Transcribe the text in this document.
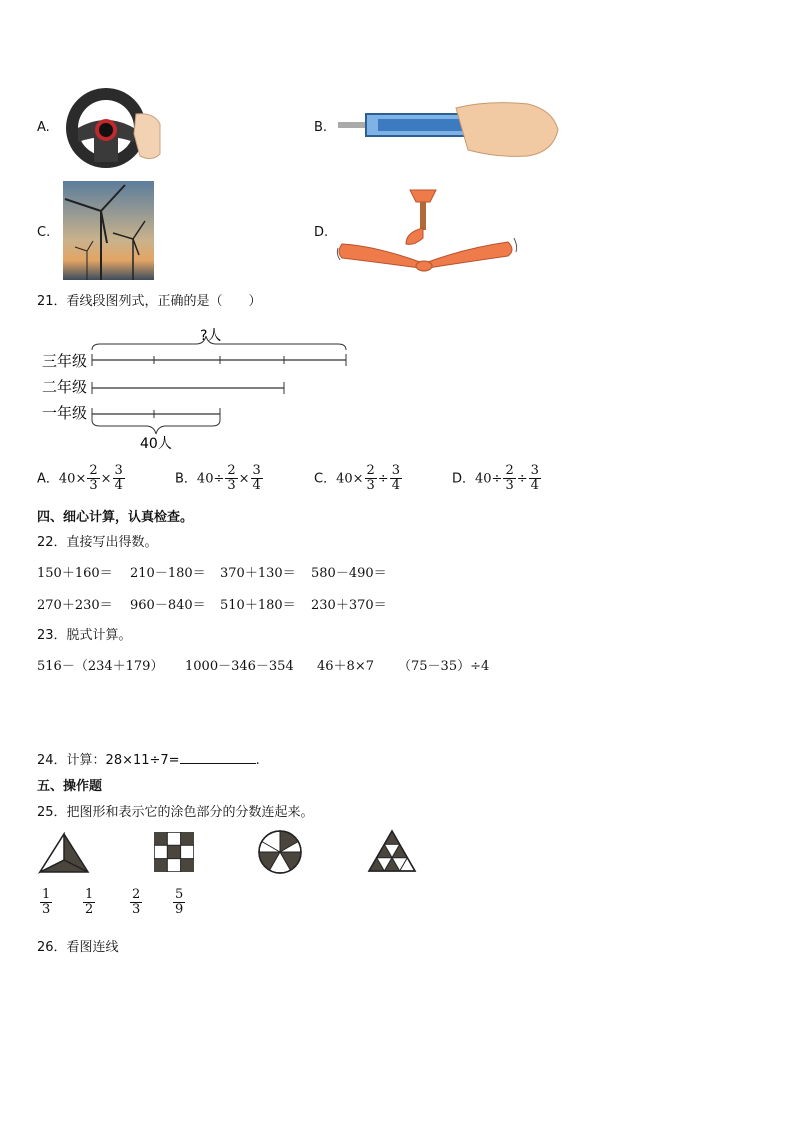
A.	B.
C.	D.
21．看线段图列式，正确的是（　　）
?人
三年级
二年级
一年级
40人
A．$40\times \frac{2}{3} \times \frac{3}{4}$	B．$40\div \frac{2}{3} \times \frac{3}{4}$	C．$40\times \frac{2}{3} \div \frac{3}{4}$	D．$40\div \frac{2}{3} \div \frac{3}{4}$
四、细心计算，认真检查。
22．直接写出得数。
150＋160＝ 210－180＝ 370＋130＝ 580－490＝
270＋230＝ 960－840＝ 510＋180＝ 230＋370＝
23．脱式计算。
516－（234＋179） 1000－346－354 46＋8×7 （75－35）÷4
24．计算：28×11÷7=	.
五、操作题
25．把图形和表示它的涂色部分的分数连起来。
$\frac{1}{3} \frac{1}{2}$	$\frac{2}{3} \frac{5}{9}$
26．看图连线
